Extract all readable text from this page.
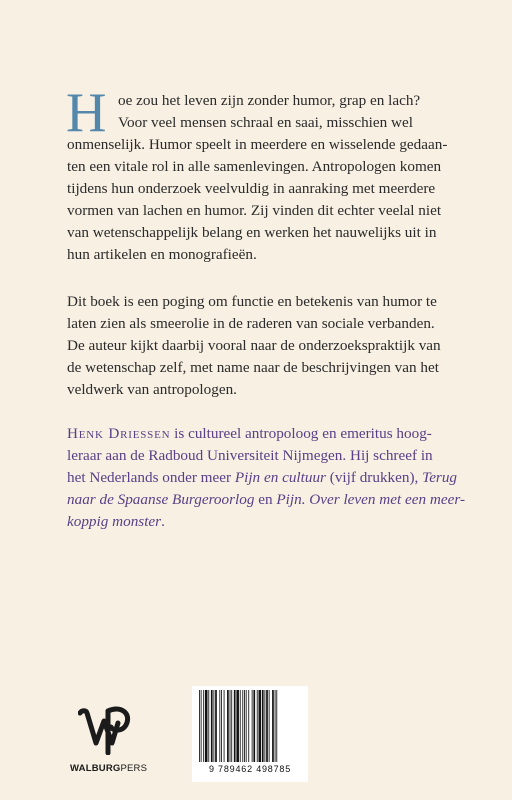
H oe zou het leven zijn zonder humor, grap en lach?
Voor veel mensen schraal en saai, misschien wel
onmenselijk. Humor speelt in meerdere en wisselende gedaan-
ten een vitale rol in alle samenlevingen. Antropologen komen
tijdens hun onderzoek veelvuldig in aanraking met meerdere
vormen van lachen en humor. Zij vinden dit echter veelal niet
van wetenschappelijk belang en werken het nauwelijks uit in
hun artikelen en monografieën.
Dit boek is een poging om functie en betekenis van humor te
laten zien als smeerolie in de raderen van sociale verbanden.
De auteur kijkt daarbij vooral naar de onderzoekspraktijk van
de wetenschap zelf, met name naar de beschrijvingen van het
veldwerk van antropologen.
Henk Driessen is cultureel antropoloog en emeritus hoog-
leraar aan de Radboud Universiteit Nijmegen. Hij schreef in
het Nederlands onder meer Pijn en cultuur (vijf drukken), Terug
naar de Spaanse Burgeroorlog en Pijn. Over leven met een meer-
koppig monster.
WALBURGPERS	9 789462 498785
